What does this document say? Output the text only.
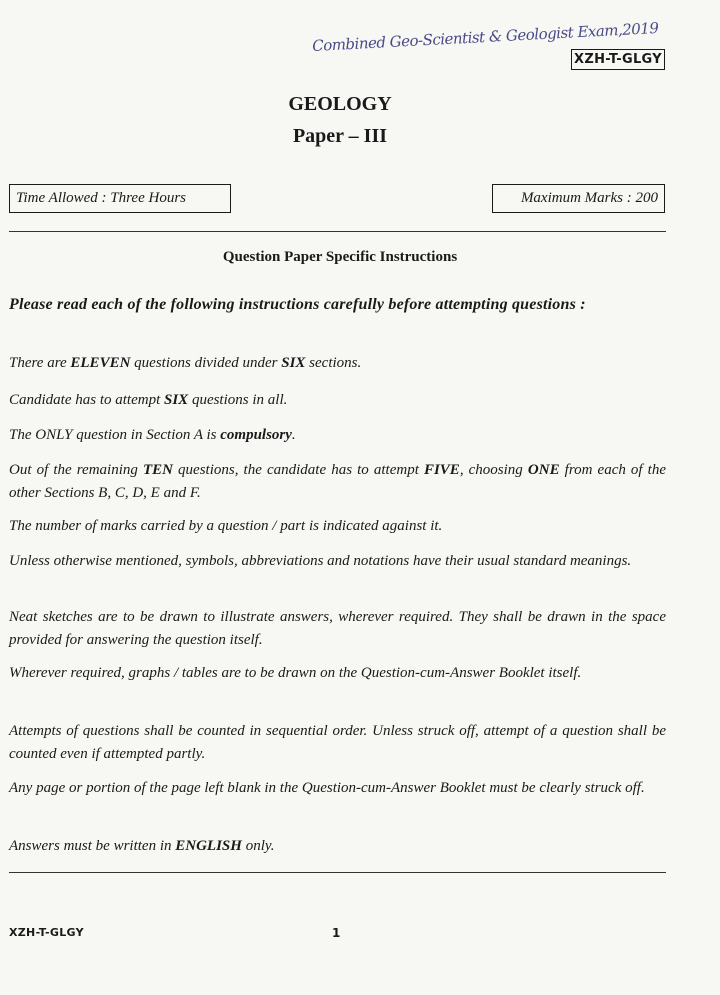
Combined Geo-Scientist & Geologist Exam,2019
XZH-T-GLGY
GEOLOGY
Paper – III
Time Allowed : Three Hours	Maximum Marks : 200
Question Paper Specific Instructions
Please read each of the following instructions carefully before attempting questions :
There are ELEVEN questions divided under SIX sections.
Candidate has to attempt SIX questions in all.
The ONLY question in Section A is compulsory.
Out of the remaining TEN questions, the candidate has to attempt FIVE, choosing ONE from each of the other Sections B, C, D, E and F.
The number of marks carried by a question / part is indicated against it.
Unless otherwise mentioned, symbols, abbreviations and notations have their usual standard meanings.
Neat sketches are to be drawn to illustrate answers, wherever required. They shall be drawn in the space provided for answering the question itself.
Wherever required, graphs / tables are to be drawn on the Question-cum-Answer Booklet itself.
Attempts of questions shall be counted in sequential order. Unless struck off, attempt of a question shall be counted even if attempted partly.
Any page or portion of the page left blank in the Question-cum-Answer Booklet must be clearly struck off.
Answers must be written in ENGLISH only.
XZH-T-GLGY	1
